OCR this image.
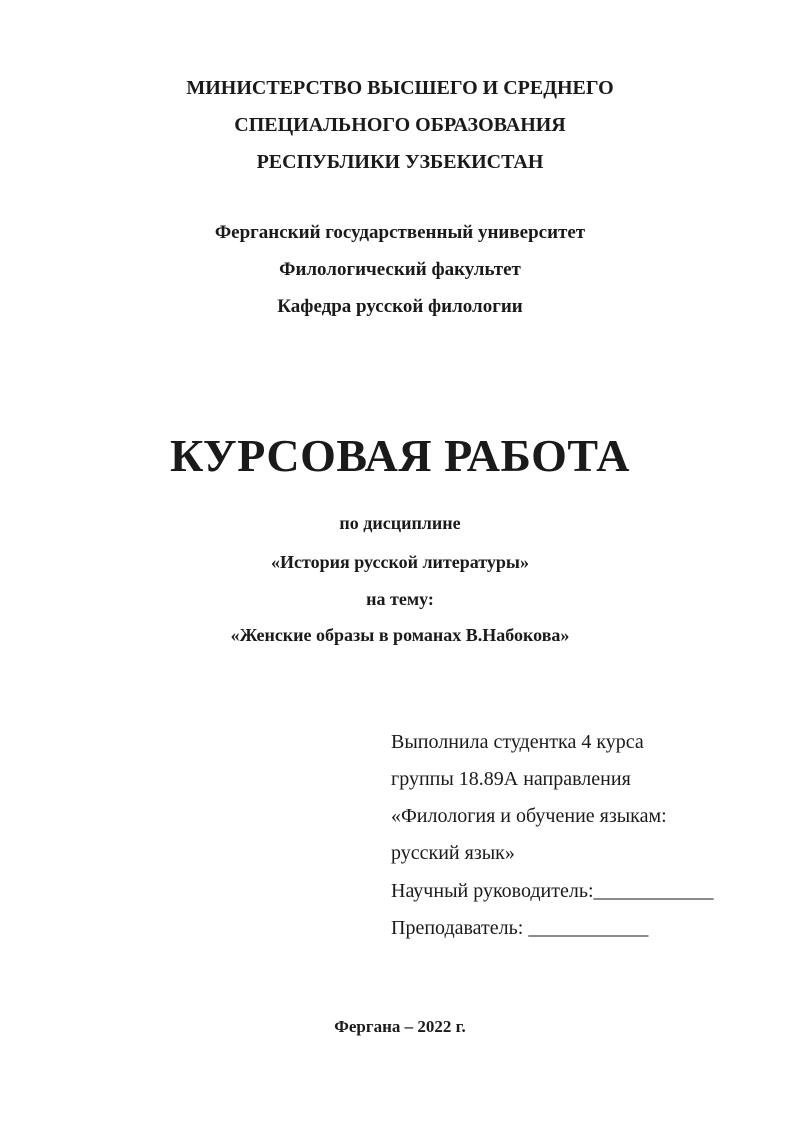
МИНИСТЕРСТВО ВЫСШЕГО И СРЕДНЕГО
СПЕЦИАЛЬНОГО ОБРАЗОВАНИЯ
РЕСПУБЛИКИ УЗБЕКИСТАН
Ферганский государственный университет
Филологический факультет
Кафедра русской филологии
КУРСОВАЯ РАБОТА
по дисциплине
«История русской литературы»
на тему:
«Женские образы в романах В.Набокова»
Выполнила студентка 4 курса
группы 18.89А направления
«Филология и обучение языкам:
русский язык»
Научный руководитель:____________
Преподаватель: ____________
Фергана – 2022 г.
